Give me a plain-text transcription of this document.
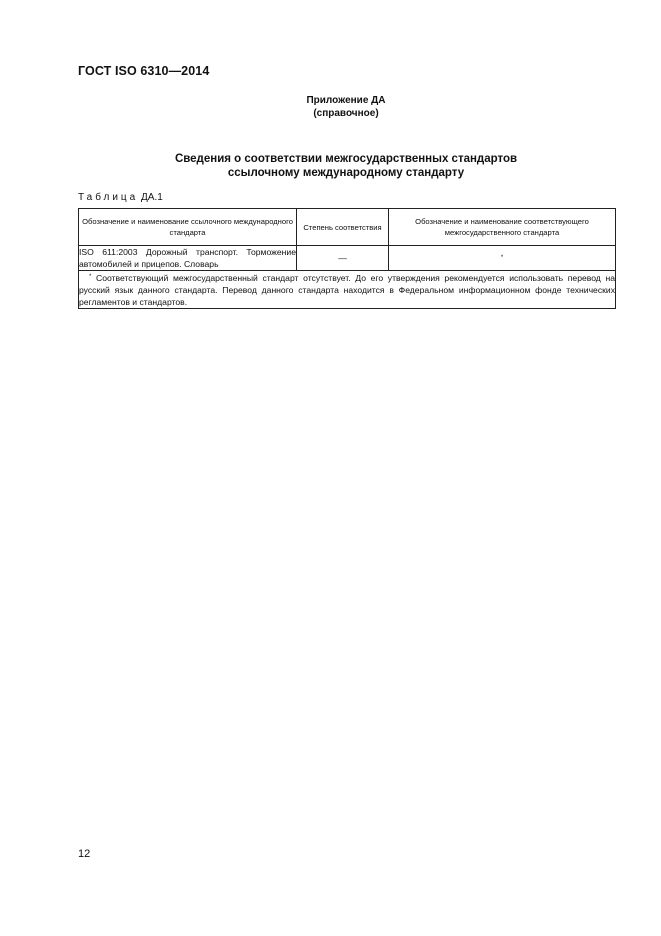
ГОСТ ISO 6310—2014
Приложение ДА
(справочное)
Сведения о соответствии межгосударственных стандартов
ссылочному международному стандарту
Таблица ДА.1
Обозначение и наименование ссылочного международного стандарта	Степень соответствия	Обозначение и наименование соответствующего межгосударственного стандарта
ISO 611:2003 Дорожный транспорт. Торможение автомобилей и прицепов. Словарь	—	*
* Соответствующий межгосударственный стандарт отсутствует. До его утверждения рекомендуется использовать перевод на русский язык данного стандарта. Перевод данного стандарта находится в Федеральном информационном фонде технических регламентов и стандартов.		
12
